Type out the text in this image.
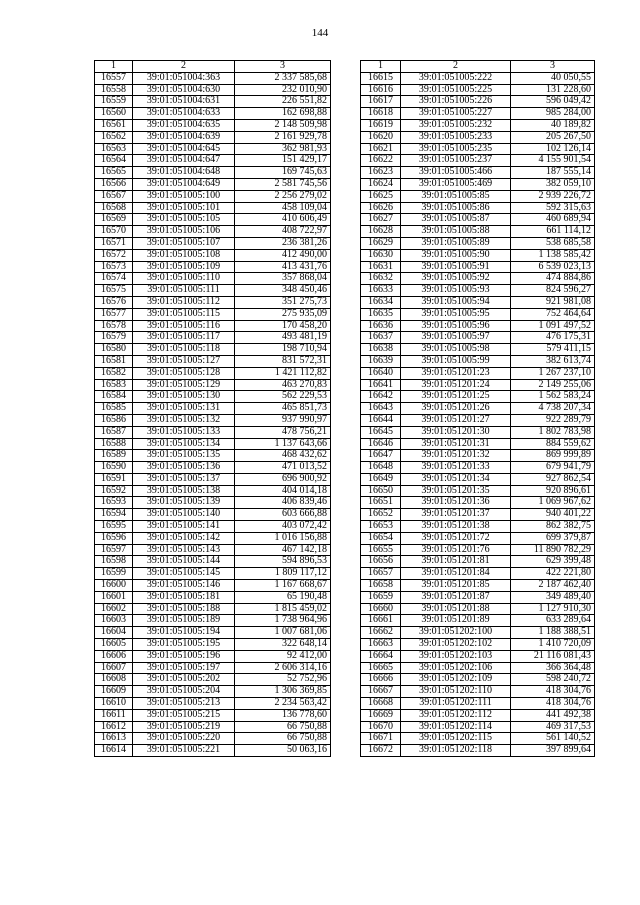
144
1	2	3
16557	39:01:051004:363	2 337 585,68
16558	39:01:051004:630	232 010,90
16559	39:01:051004:631	226 551,82
16560	39:01:051004:633	162 698,88
16561	39:01:051004:635	2 148 509,98
16562	39:01:051004:639	2 161 929,78
16563	39:01:051004:645	362 981,93
16564	39:01:051004:647	151 429,17
16565	39:01:051004:648	169 745,63
16566	39:01:051004:649	2 581 745,56
16567	39:01:051005:100	2 256 279,02
16568	39:01:051005:101	458 109,04
16569	39:01:051005:105	410 606,49
16570	39:01:051005:106	408 722,97
16571	39:01:051005:107	236 381,26
16572	39:01:051005:108	412 490,00
16573	39:01:051005:109	413 431,76
16574	39:01:051005:110	357 868,04
16575	39:01:051005:111	348 450,46
16576	39:01:051005:112	351 275,73
16577	39:01:051005:115	275 935,09
16578	39:01:051005:116	170 458,20
16579	39:01:051005:117	493 481,19
16580	39:01:051005:118	198 710,94
16581	39:01:051005:127	831 572,31
16582	39:01:051005:128	1 421 112,82
16583	39:01:051005:129	463 270,83
16584	39:01:051005:130	562 229,53
16585	39:01:051005:131	465 851,73
16586	39:01:051005:132	937 990,97
16587	39:01:051005:133	478 756,21
16588	39:01:051005:134	1 137 643,66
16589	39:01:051005:135	468 432,62
16590	39:01:051005:136	471 013,52
16591	39:01:051005:137	696 900,92
16592	39:01:051005:138	404 014,18
16593	39:01:051005:139	406 839,46
16594	39:01:051005:140	603 666,88
16595	39:01:051005:141	403 072,42
16596	39:01:051005:142	1 016 156,88
16597	39:01:051005:143	467 142,18
16598	39:01:051005:144	594 896,53
16599	39:01:051005:145	1 809 117,12
16600	39:01:051005:146	1 167 668,67
16601	39:01:051005:181	65 190,48
16602	39:01:051005:188	1 815 459,02
16603	39:01:051005:189	1 738 964,96
16604	39:01:051005:194	1 007 681,06
16605	39:01:051005:195	322 648,14
16606	39:01:051005:196	92 412,00
16607	39:01:051005:197	2 606 314,16
16608	39:01:051005:202	52 752,96
16609	39:01:051005:204	1 306 369,85
16610	39:01:051005:213	2 234 563,42
16611	39:01:051005:215	136 778,60
16612	39:01:051005:219	66 750,88
16613	39:01:051005:220	66 750,88
16614	39:01:051005:221	50 063,16
1	2	3
16615	39:01:051005:222	40 050,55
16616	39:01:051005:225	131 228,60
16617	39:01:051005:226	596 049,42
16618	39:01:051005:227	985 284,00
16619	39:01:051005:232	40 189,82
16620	39:01:051005:233	205 267,50
16621	39:01:051005:235	102 126,14
16622	39:01:051005:237	4 155 901,54
16623	39:01:051005:466	187 555,14
16624	39:01:051005:469	382 059,10
16625	39:01:051005:85	2 939 226,72
16626	39:01:051005:86	592 315,63
16627	39:01:051005:87	460 689,94
16628	39:01:051005:88	661 114,12
16629	39:01:051005:89	538 685,58
16630	39:01:051005:90	1 138 585,42
16631	39:01:051005:91	6 539 023,13
16632	39:01:051005:92	474 884,86
16633	39:01:051005:93	824 596,27
16634	39:01:051005:94	921 981,08
16635	39:01:051005:95	752 464,64
16636	39:01:051005:96	1 091 497,52
16637	39:01:051005:97	476 175,31
16638	39:01:051005:98	579 411,15
16639	39:01:051005:99	382 613,74
16640	39:01:051201:23	1 267 237,10
16641	39:01:051201:24	2 149 255,06
16642	39:01:051201:25	1 562 583,24
16643	39:01:051201:26	4 738 207,34
16644	39:01:051201:27	922 289,79
16645	39:01:051201:30	1 802 783,98
16646	39:01:051201:31	884 559,62
16647	39:01:051201:32	869 999,89
16648	39:01:051201:33	679 941,79
16649	39:01:051201:34	927 862,54
16650	39:01:051201:35	920 896,61
16651	39:01:051201:36	1 069 967,62
16652	39:01:051201:37	940 401,22
16653	39:01:051201:38	862 382,75
16654	39:01:051201:72	699 379,87
16655	39:01:051201:76	11 890 782,29
16656	39:01:051201:81	629 399,48
16657	39:01:051201:84	422 221,80
16658	39:01:051201:85	2 187 462,40
16659	39:01:051201:87	349 489,40
16660	39:01:051201:88	1 127 910,30
16661	39:01:051201:89	633 289,64
16662	39:01:051202:100	1 188 388,51
16663	39:01:051202:102	1 410 720,09
16664	39:01:051202:103	21 116 081,43
16665	39:01:051202:106	366 364,48
16666	39:01:051202:109	598 240,72
16667	39:01:051202:110	418 304,76
16668	39:01:051202:111	418 304,76
16669	39:01:051202:112	441 492,38
16670	39:01:051202:114	469 317,53
16671	39:01:051202:115	561 140,52
16672	39:01:051202:118	397 899,64
